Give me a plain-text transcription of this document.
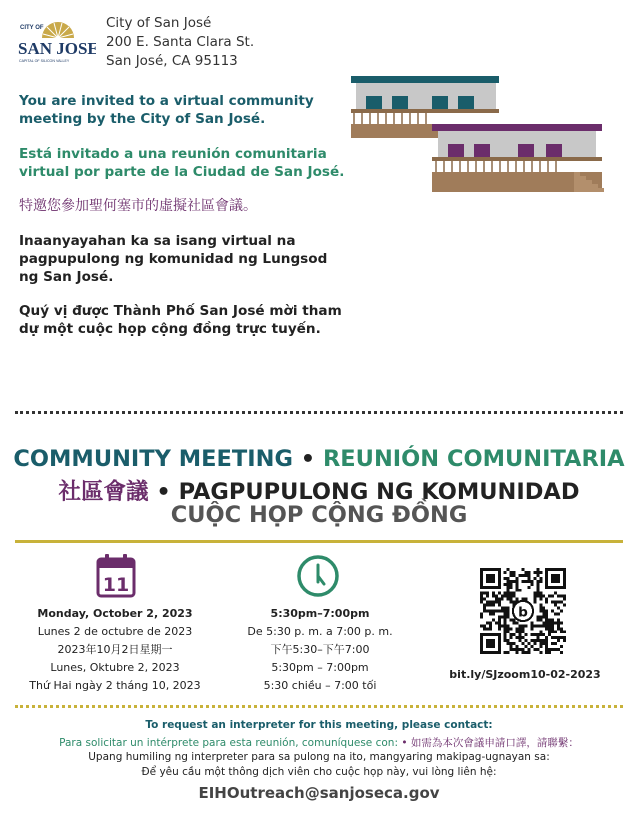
CITY OF
SAN JOSE
CAPITAL OF SILICON VALLEY
City of San José
200 E. Santa Clara St.
San José, CA 95113
You are invited to a virtual community meeting by the City of San José.
Está invitado a una reunión comunitaria virtual por parte de la Ciudad de San José.
特邀您參加聖何塞市的虛擬社區會議。
Inaanyayahan ka sa isang virtual na pagpupulong ng komunidad ng Lungsod ng San José.
Quý vị được Thành Phố San José mời tham dự một cuộc họp cộng đồng trực tuyến.
COMMUNITY MEETING • REUNIÓN COMUNITARIA
社區會議 • PAGPUPULONG NG KOMUNIDAD
CUỘC HỌP CỘNG ĐỒNG
11
Monday, October 2, 2023
Lunes 2 de octubre de 2023
2023年10月2日星期一
Lunes, Oktubre 2, 2023
Thứ Hai ngày 2 tháng 10, 2023
5:30pm–7:00pm
De 5:30 p. m. a 7:00 p. m.
下午5:30–下午7:00
5:30pm – 7:00pm
5:30 chiều – 7:00 tối
b
bit.ly/SJzoom10-02-2023
To request an interpreter for this meeting, please contact:
Para solicitar un intérprete para esta reunión, comuníquese con: • 如需為本次會議申請口譯，請聯繫：
Upang humiling ng interpreter para sa pulong na ito, mangyaring makipag-ugnayan sa:
Để yêu cầu một thông dịch viên cho cuộc họp này, vui lòng liên hệ:
EIHOutreach@sanjoseca.gov
